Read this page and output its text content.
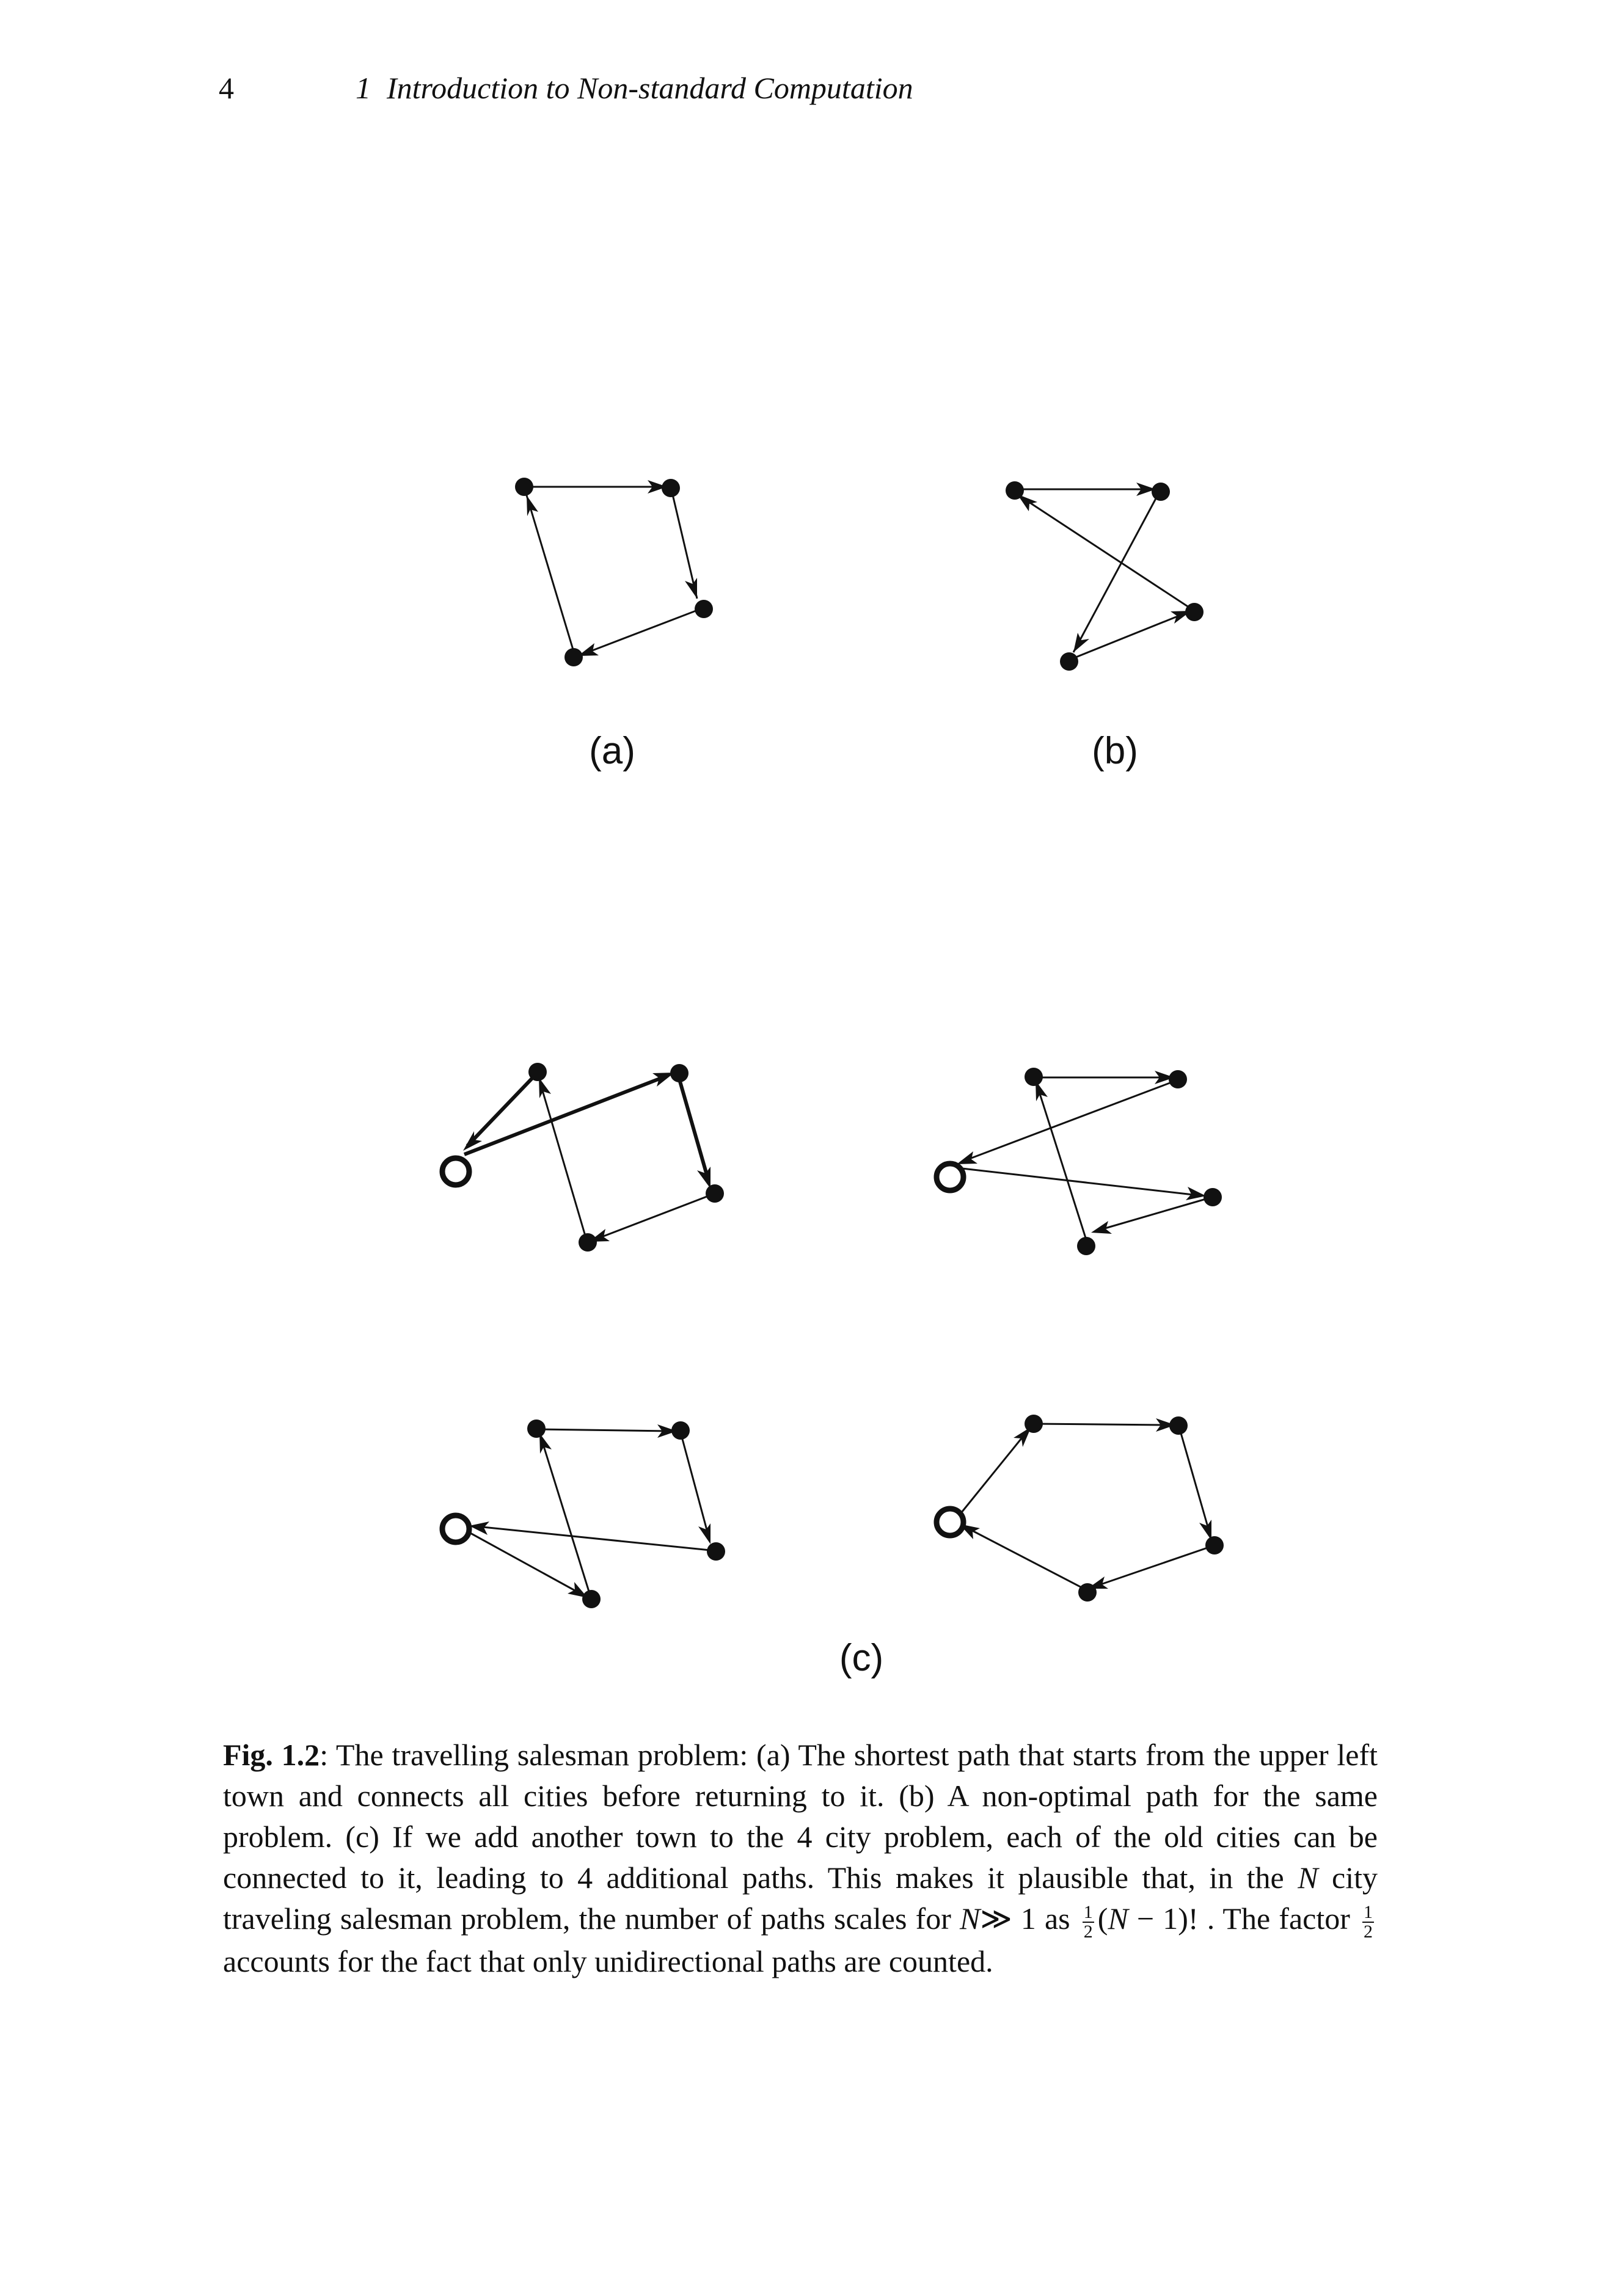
4	1 Introduction to Non-standard Computation
(a)	(b)
(c)
Fig. 1.2: The travelling salesman problem: (a) The shortest path that starts from the upper left town and connects all cities before returning to it. (b) A non-optimal path for the same problem. (c) If we add another town to the 4 city problem, each of the old cities can be connected to it, leading to 4 additional paths. This makes it plausible that, in the N city traveling salesman problem, the number of paths scales for N≫ 1 as $\frac{1}{2} (N - 1)$! . The factor $\frac{1}{2}$
accounts for the fact that only unidirectional paths are counted.
